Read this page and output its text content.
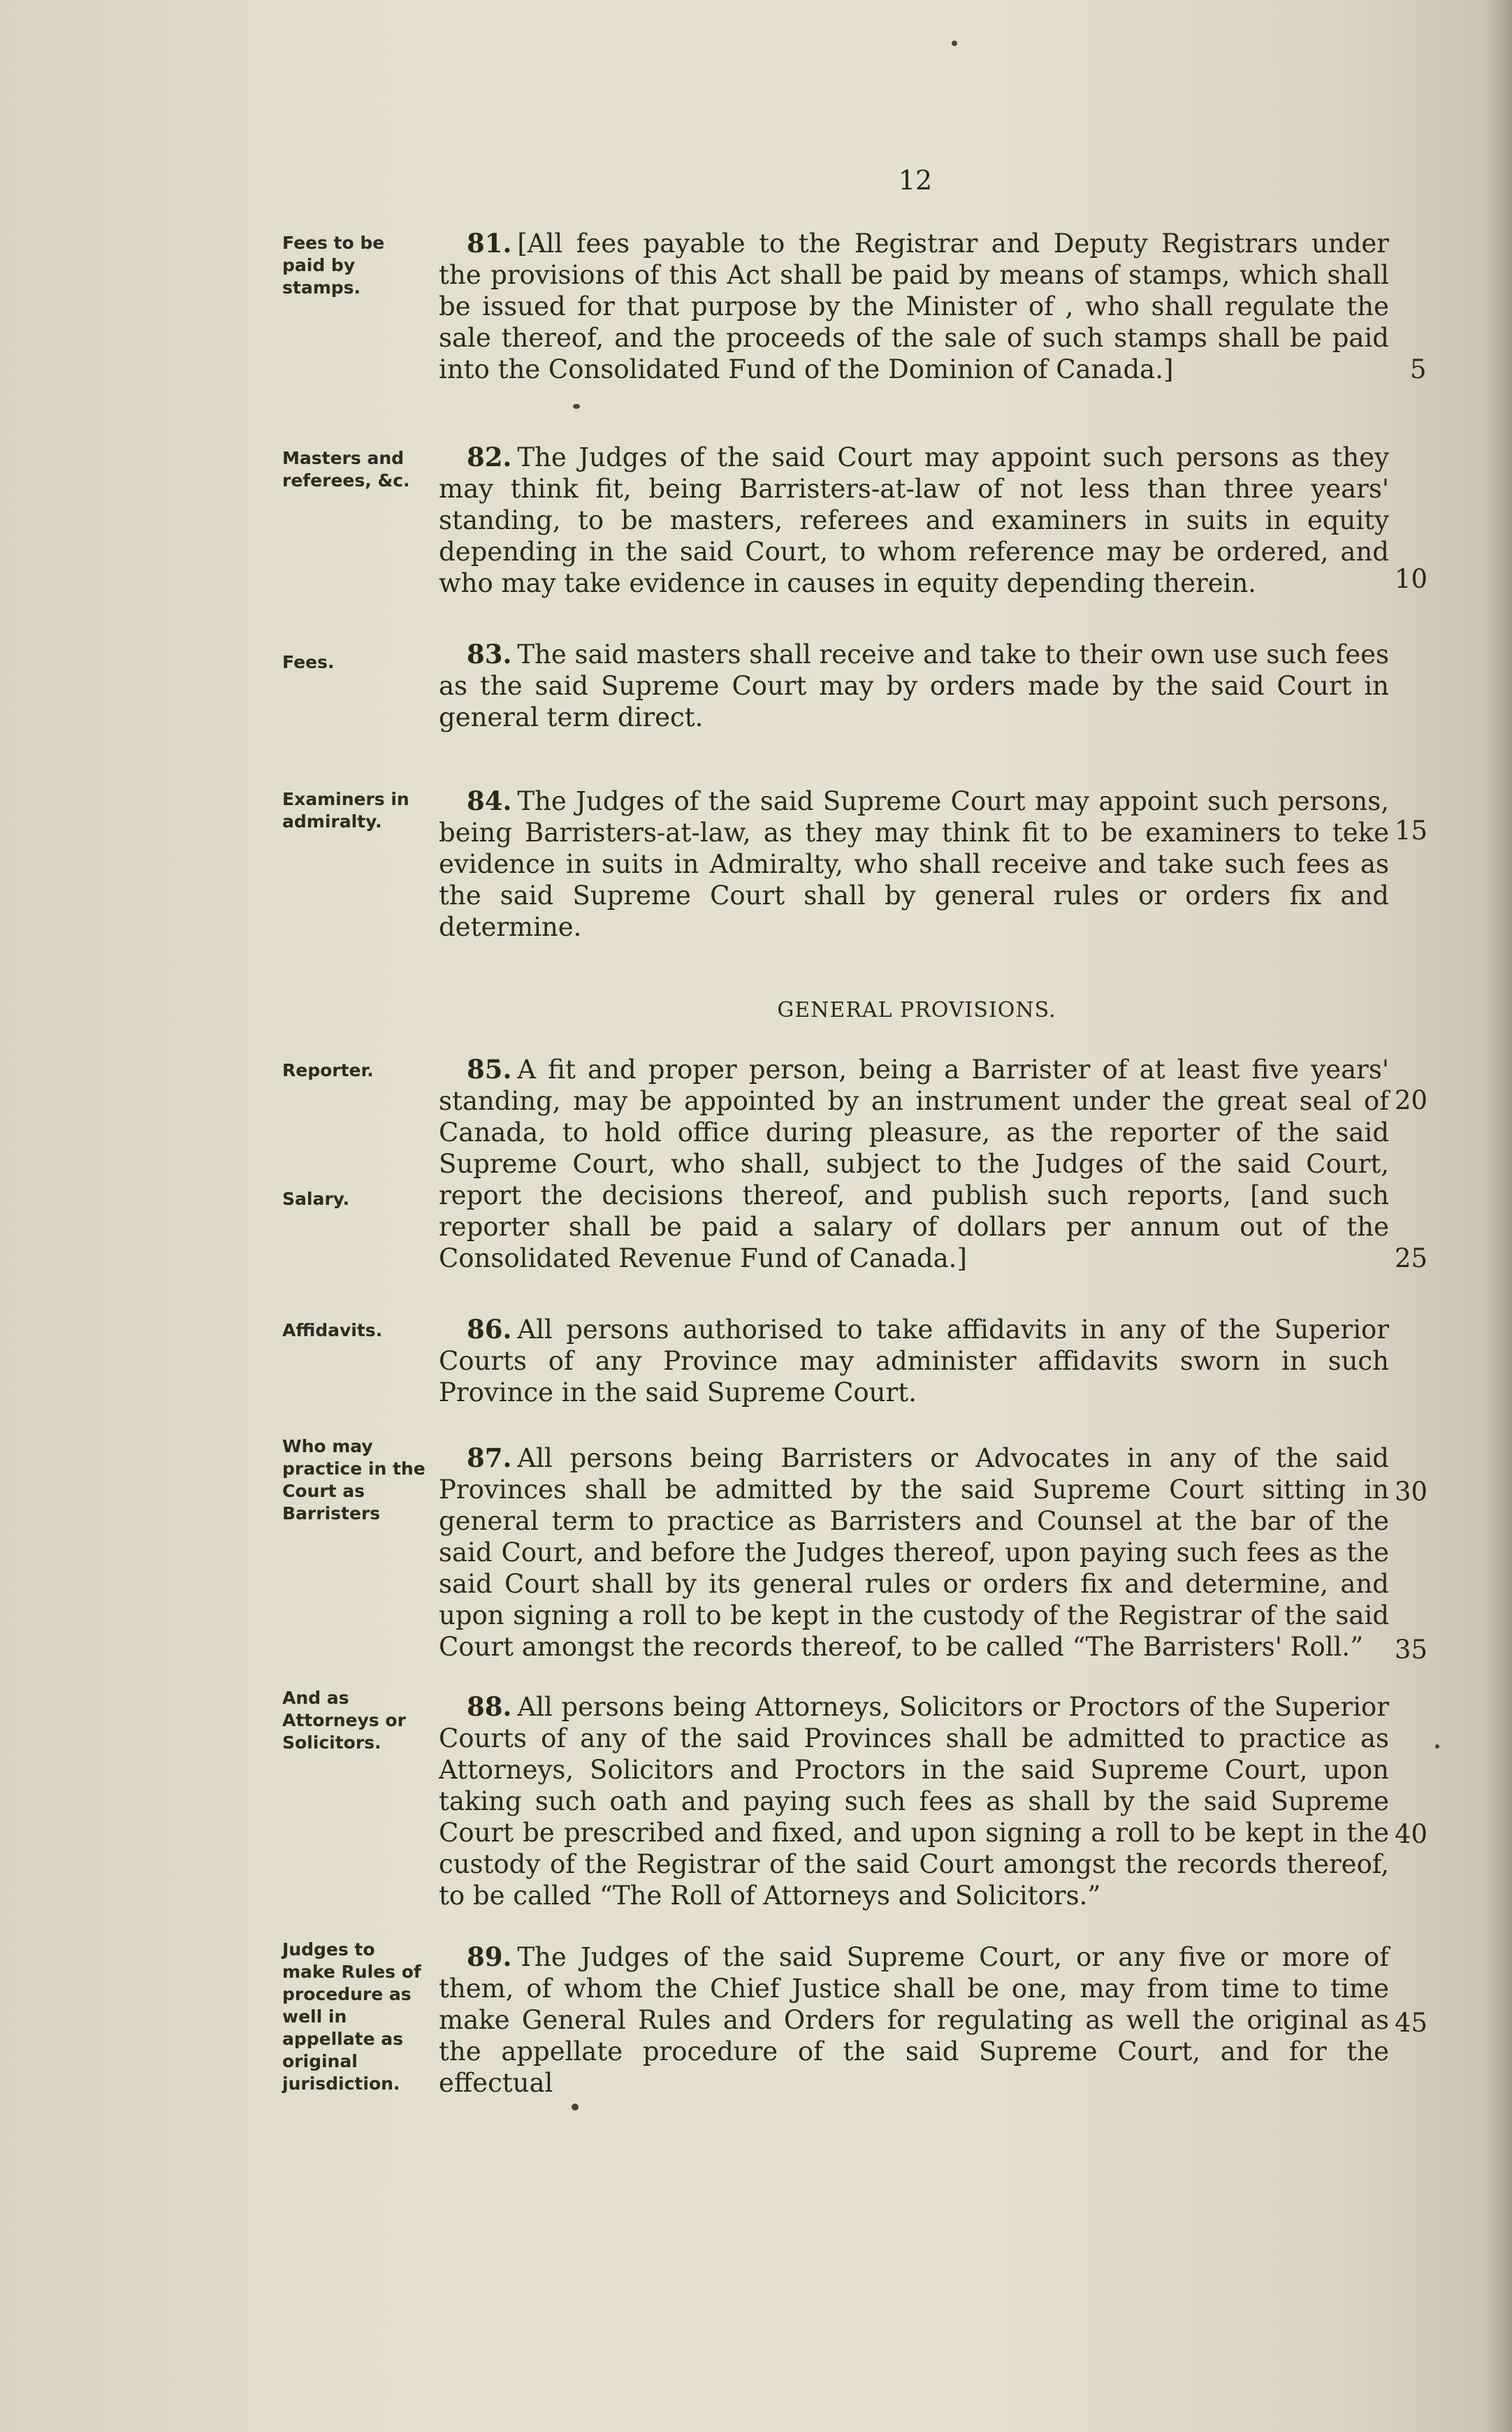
12
Fees to be paid by stamps.
81. [All fees payable to the Registrar and Deputy Registrars under the provisions of this Act shall be paid by means of stamps, which shall be issued for that purpose by the Minister of , who shall regulate the sale thereof, and the proceeds of the sale of such stamps shall be paid into the Consolidated Fund of the Dominion of Canada.]
Masters and referees, &c.
82. The Judges of the said Court may appoint such persons as they may think fit, being Barristers-at-law of not less than three years' standing, to be masters, referees and examiners in suits in equity depending in the said Court, to whom reference may be ordered, and who may take evidence in causes in equity depending therein.
Fees.	83. The said masters shall receive and take to their own use such fees as the said Supreme Court may by orders made by the said Court in general term direct.
Examiners in admiralty.
84. The Judges of the said Supreme Court may appoint such persons, being Barristers-at-law, as they may think fit to be examiners to teke evidence in suits in Admiralty, who shall receive and take such fees as the said Supreme Court shall by general rules or orders fix and determine.
GENERAL PROVISIONS.
Reporter.
Salary.
85. A fit and proper person, being a Barrister of at least five years' standing, may be appointed by an instrument under the great seal of Canada, to hold office during pleasure, as the reporter of the said Supreme Court, who shall, subject to the Judges of the said Court, report the decisions thereof, and publish such reports, [and such reporter shall be paid a salary of dollars per annum out of the Consolidated Revenue Fund of Canada.]
Affidavits.	86. All persons authorised to take affidavits in any of the Superior Courts of any Province may administer affidavits sworn in such Province in the said Supreme Court.
Who may practice in the Court as Barristers
87. All persons being Barristers or Advocates in any of the said Provinces shall be admitted by the said Supreme Court sitting in general term to practice as Barristers and Counsel at the bar of the said Court, and before the Judges thereof, upon paying such fees as the said Court shall by its general rules or orders fix and determine, and upon signing a roll to be kept in the custody of the Registrar of the said Court amongst the records thereof, to be called “The Barristers' Roll.”
And as Attorneys or Solicitors.
88. All persons being Attorneys, Solicitors or Proctors of the Superior Courts of any of the said Provinces shall be admitted to practice as Attorneys, Solicitors and Proctors in the said Supreme Court, upon taking such oath and paying such fees as shall by the said Supreme Court be prescribed and fixed, and upon signing a roll to be kept in the custody of the Registrar of the said Court amongst the records thereof, to be called “The Roll of Attorneys and Solicitors.”
Judges to make Rules of procedure as well in appellate as original jurisdiction.
89. The Judges of the said Supreme Court, or any five or more of them, of whom the Chief Justice shall be one, may from time to time make General Rules and Orders for regulating as well the original as the appellate procedure of the said Supreme Court, and for the effectual
5
10
15
20
25
30
35
40
45
